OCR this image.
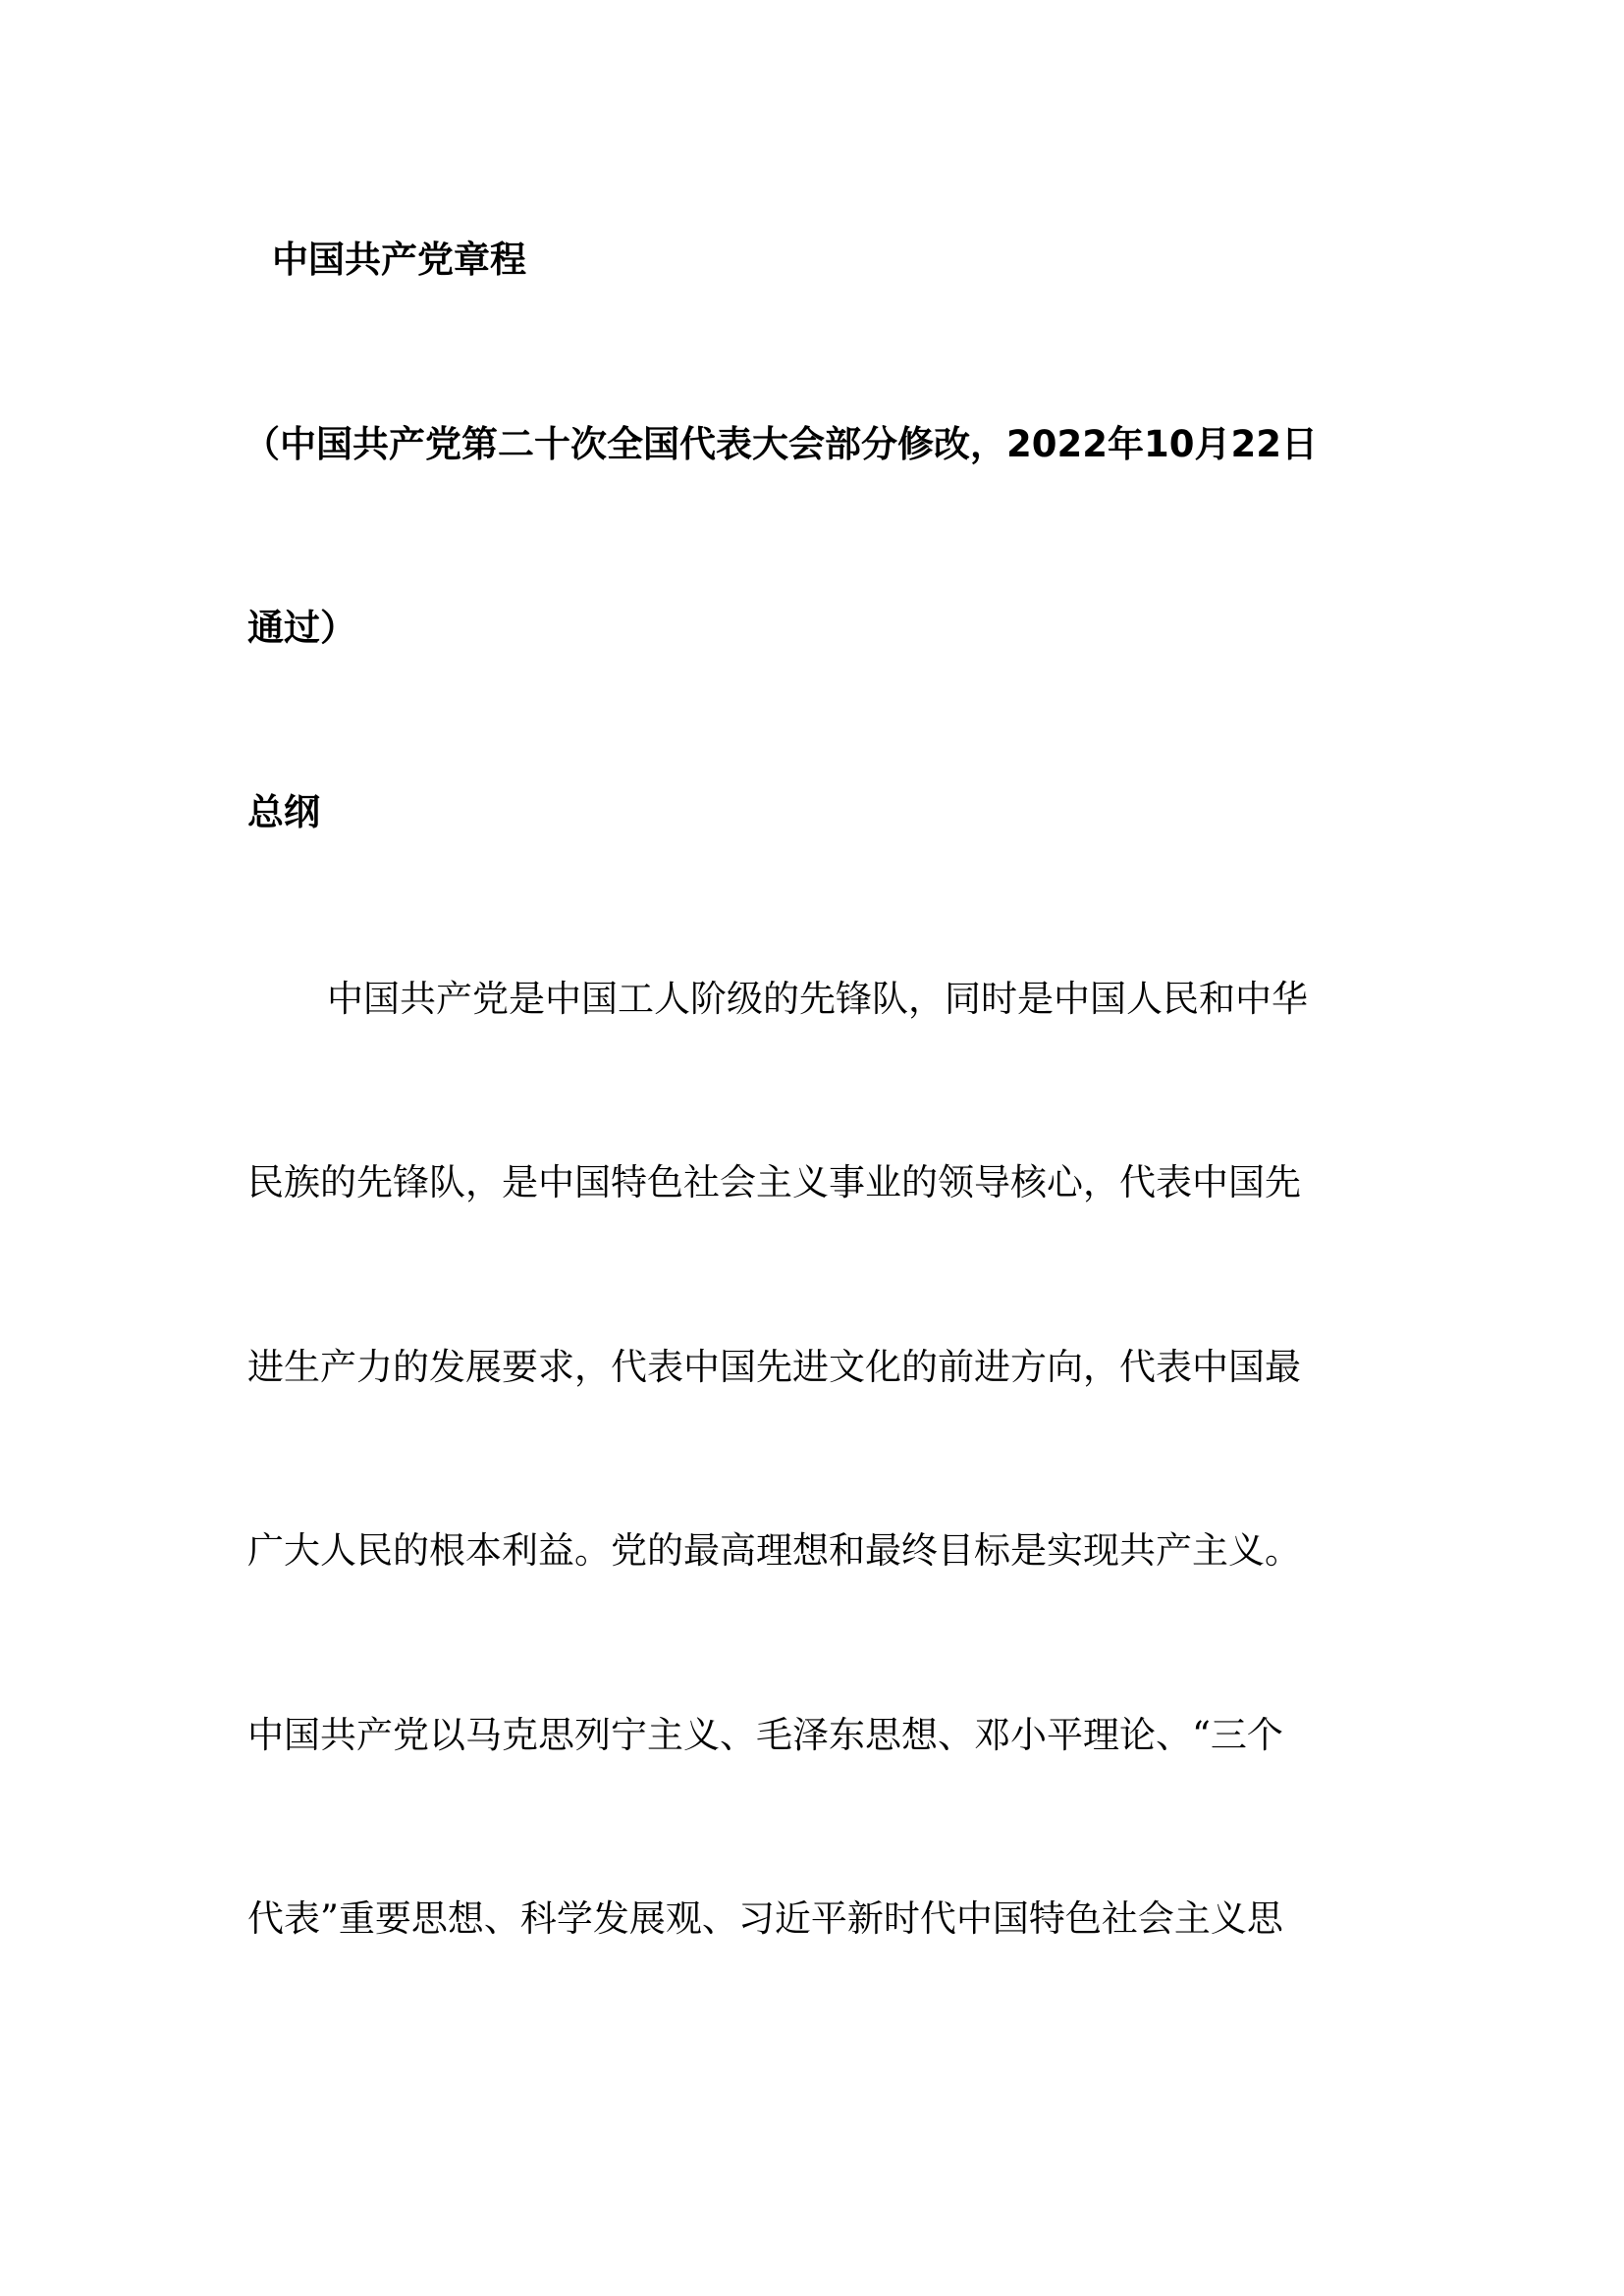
中国共产党章程
（中国共产党第二十次全国代表大会部分修改，2022年10月22日
通过）
总纲
中国共产党是中国工人阶级的先锋队，同时是中国人民和中华
民族的先锋队，是中国特色社会主义事业的领导核心，代表中国先
进生产力的发展要求，代表中国先进文化的前进方向，代表中国最
广大人民的根本利益。党的最高理想和最终目标是实现共产主义。
中国共产党以马克思列宁主义、毛泽东思想、邓小平理论、“三个
代表”重要思想、科学发展观、习近平新时代中国特色社会主义思
